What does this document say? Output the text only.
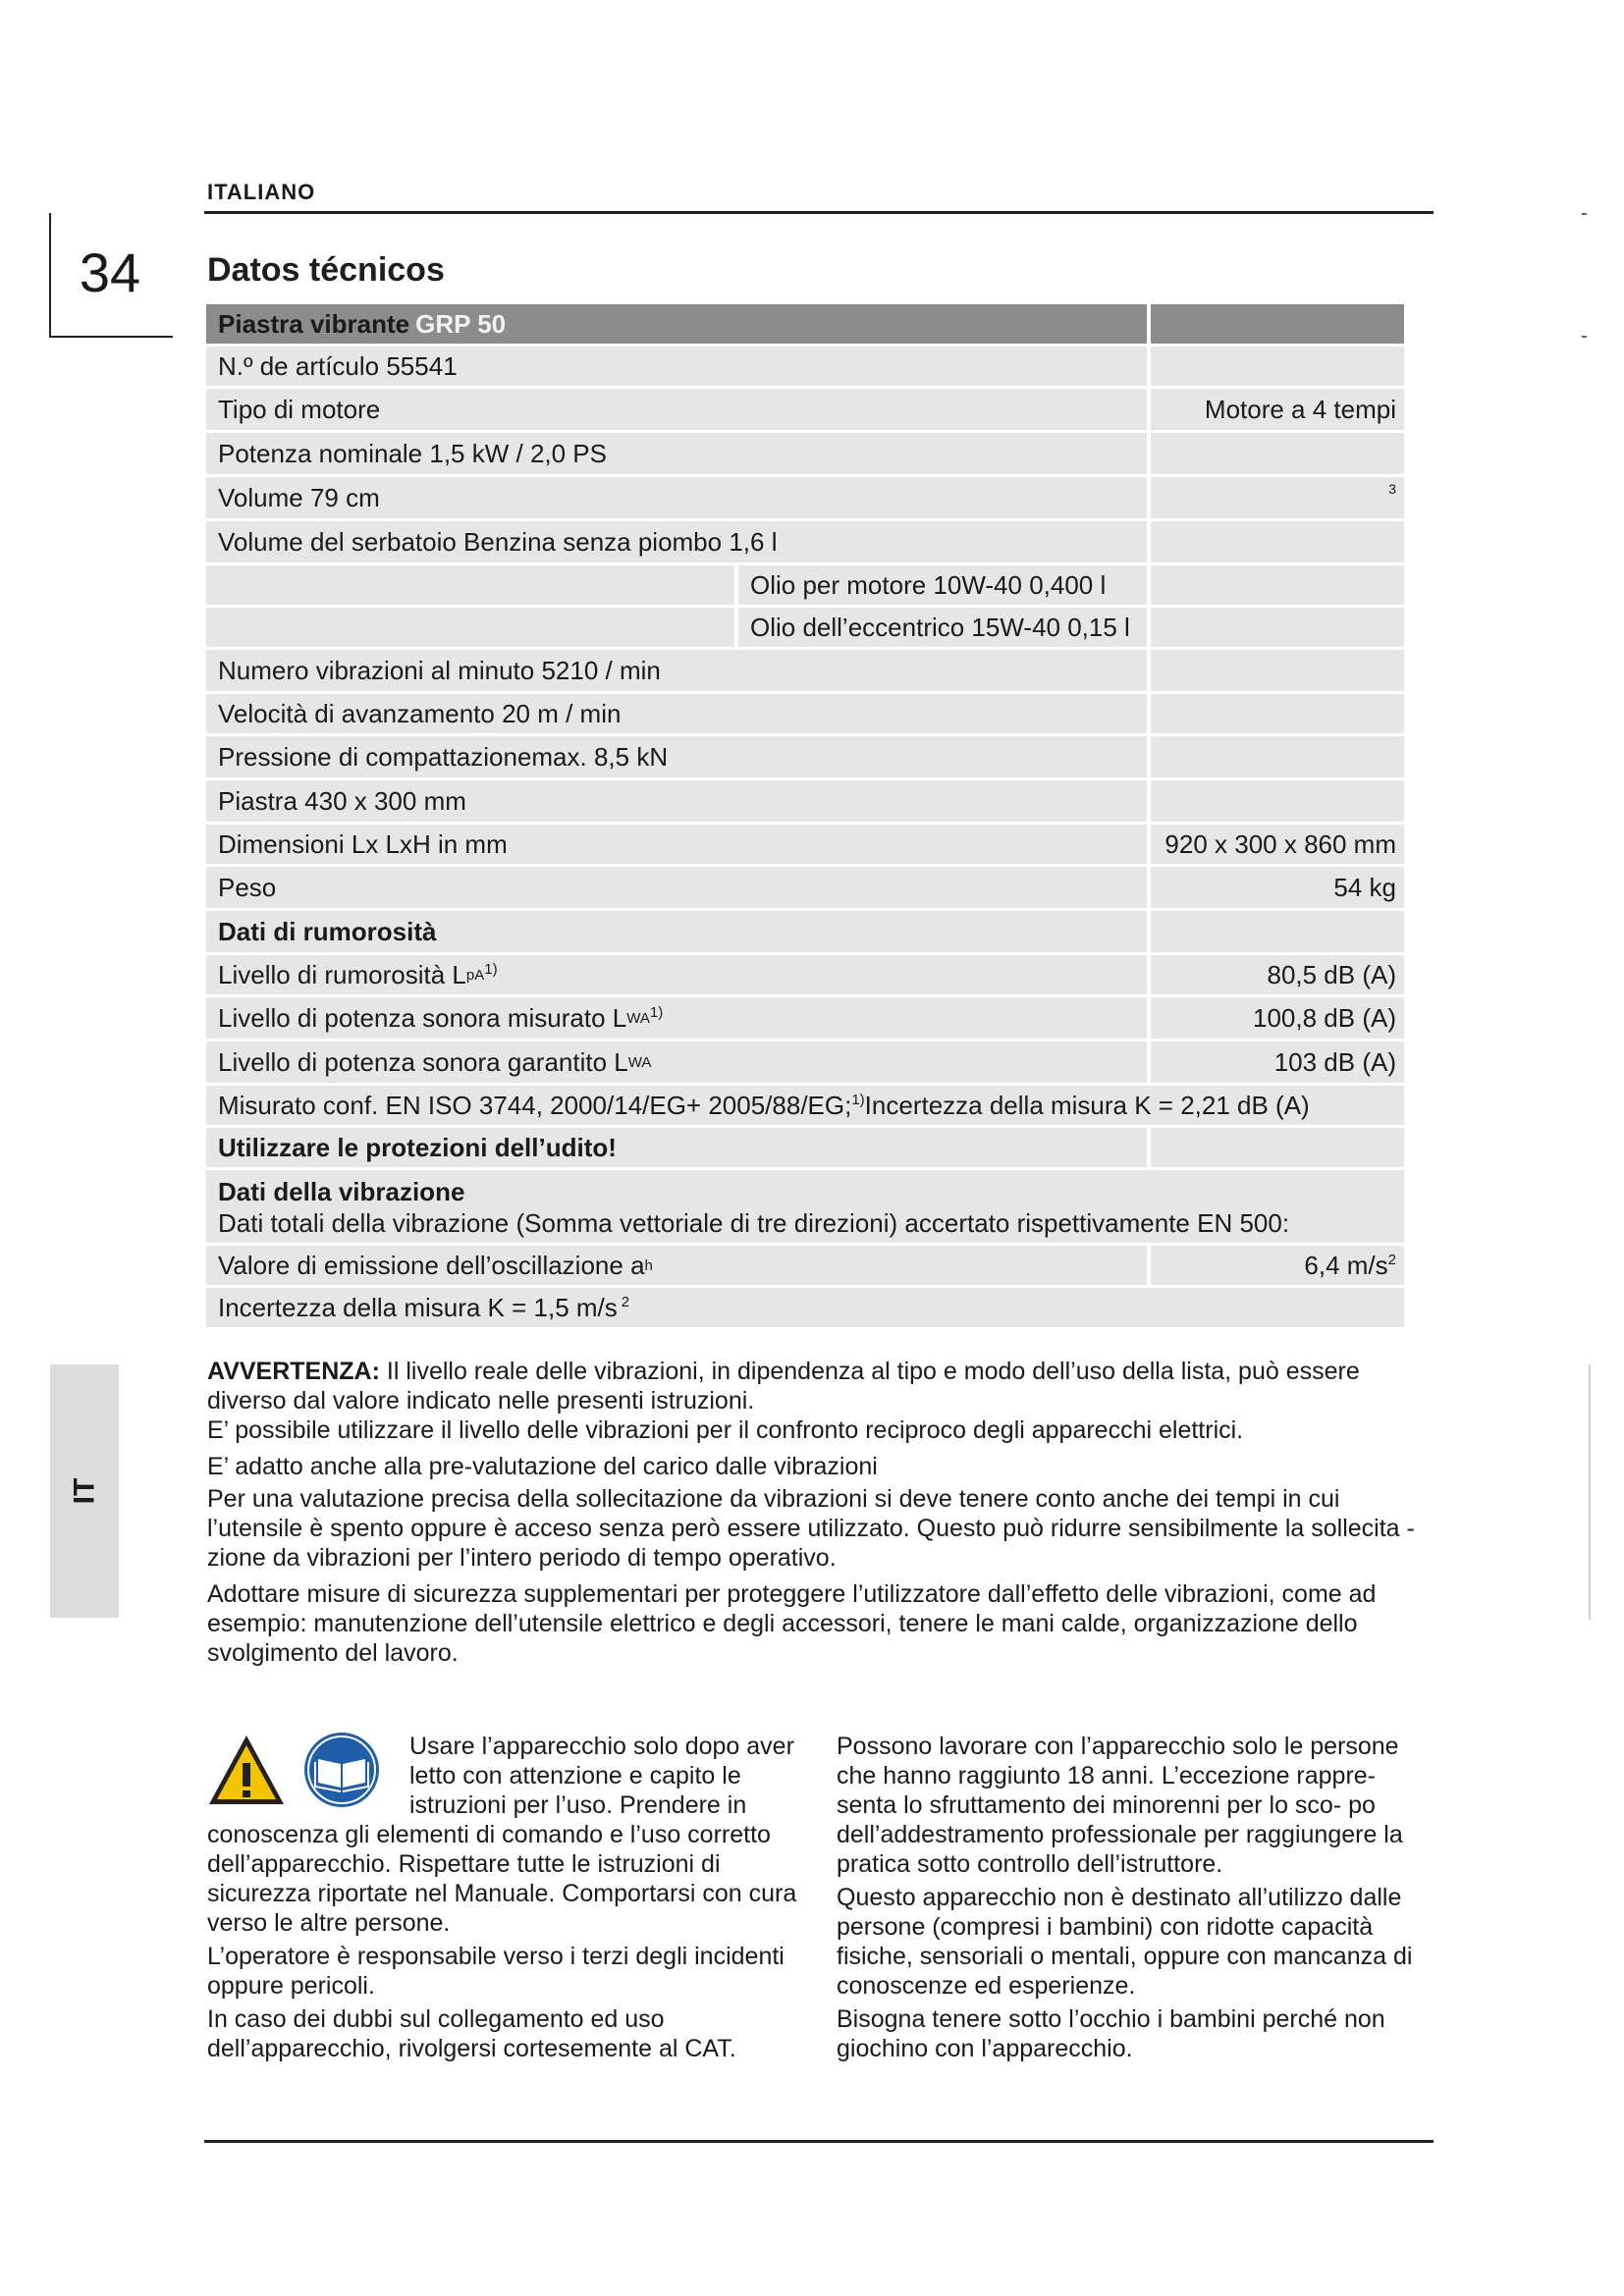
ITALIANO
34	Datos técnicos
Piastra vibrante GRP 50
N.º de artículo 55541
Tipo di motore	Motore a 4 tempi
Potenza nominale 1,5 kW / 2,0 PS
Volume 79 cm	3
Volume del serbatoio Benzina senza piombo 1,6 l
Olio per motore 10W-40 0,400 l
Olio dell’eccentrico 15W-40 0,15 l
Numero vibrazioni al minuto 5210 / min
Velocità di avanzamento 20 m / min
Pressione di compattazionemax. 8,5 kN
Piastra 430 x 300 mm
Dimensioni Lx LxH in mm	920 x 300 x 860 mm
Peso	54 kg
Dati di rumorosità
Livello di rumorosità L $pA^{1)}$	80,5 dB (A)
Livello di potenza sonora misurato L WA$^{1)}$	100,8 dB (A)
Livello di potenza sonora garantito L WA	103 dB (A)
Misurato conf. EN ISO 3744, 2000/14/EG+ 2005/88/EG;$^{1)}$ Incertezza della misura K = 2,21 dB (A)
Utilizzare le protezioni dell’udito!
Dati della vibrazione
Dati totali della vibrazione (Somma vettoriale di tre direzioni) accertato rispettivamente EN 500:
Valore di emissione dell’oscillazione a h	6,4 $m/s^2$
Incertezza della misura K = 1,5 m/s $^2$
IT
AVVERTENZA: Il livello reale delle vibrazioni, in dipendenza al tipo e modo dell’uso della lista, può essere diverso dal valore indicato nelle presenti istruzioni.
E’ possibile utilizzare il livello delle vibrazioni per il confronto reciproco degli apparecchi elettrici.
E’ adatto anche alla pre-valutazione del carico dalle vibrazioni
Per una valutazione precisa della sollecitazione da vibrazioni si deve tenere conto anche dei tempi in cui l’utensile è spento oppure è acceso senza però essere utilizzato. Questo può ridurre sensibilmente la sollecita - zione da vibrazioni per l’intero periodo di tempo operativo.
Adottare misure di sicurezza supplementari per proteggere l’utilizzatore dall’effetto delle vibrazioni, come ad esempio: manutenzione dell’utensile elettrico e degli accessori, tenere le mani calde, organizzazione dello svolgimento del lavoro.

Usare l’apparecchio solo dopo aver letto con attenzione e capito le istruzioni per l’uso. Prendere in conoscenza gli elementi di comando e l’uso corretto dell’apparecchio. Rispettare tutte le istruzioni di sicurezza riportate nel Manuale. Comportarsi con cura verso le altre persone.

L’operatore è responsabile verso i terzi degli incidenti oppure pericoli.

In caso dei dubbi sul collegamento ed uso dell’apparecchio, rivolgersi cortesemente al CAT.

Possono lavorare con l’apparecchio solo le persone che hanno raggiunto 18 anni. L’eccezione rappre- senta lo sfruttamento dei minorenni per lo sco- po dell’addestramento professionale per raggiungere la pratica sotto controllo dell’istruttore.

Questo apparecchio non è destinato all’utilizzo dalle persone (compresi i bambini) con ridotte capacità fisiche, sensoriali o mentali, oppure con mancanza di conoscenze ed esperienze.

Bisogna tenere sotto l’occhio i bambini perché non giochino con l’apparecchio.
